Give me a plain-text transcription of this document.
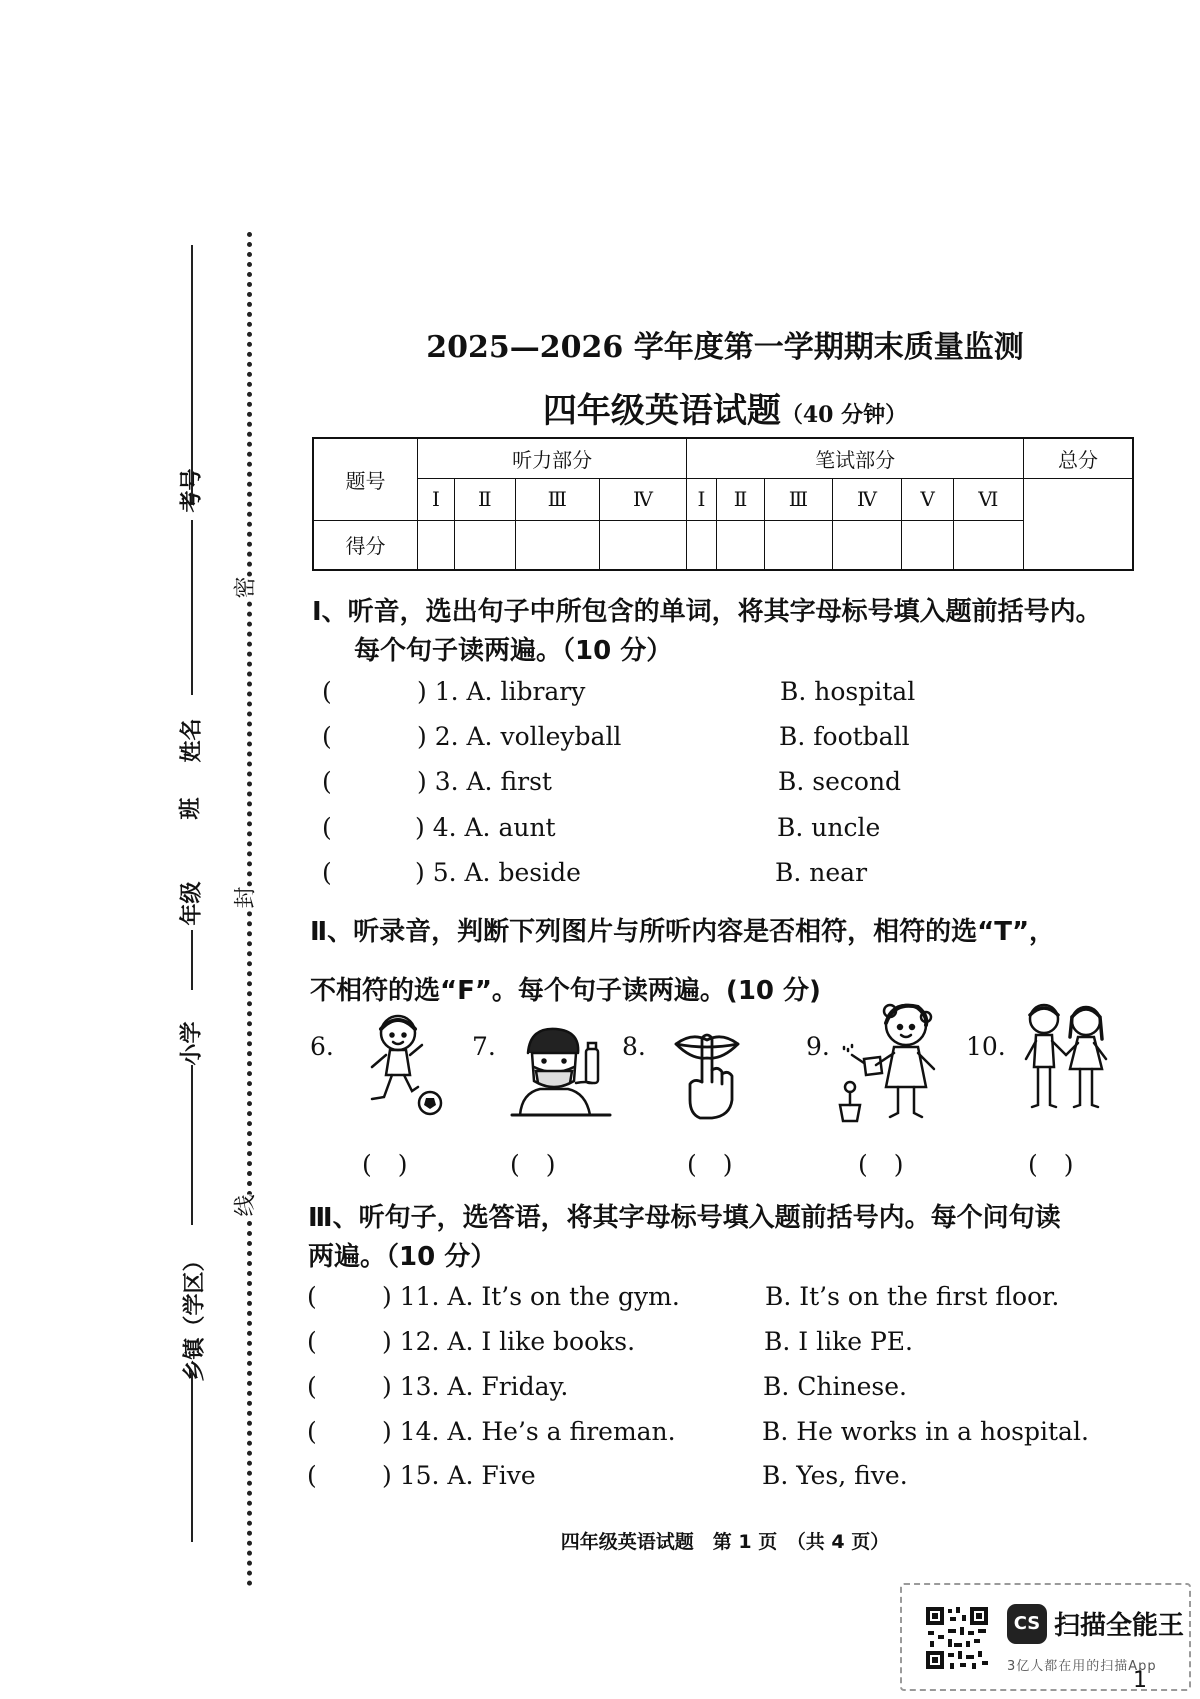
考号
姓名
班
年级
小学
乡镇（学区）
密
封
线
2025—2026 学年度第一学期期末质量监测
四年级英语试题（40 分钟）
题号	听力部分				笔试部分						总分
	Ⅰ	Ⅱ	Ⅲ	Ⅳ	Ⅰ	Ⅱ	Ⅲ	Ⅳ	Ⅴ	Ⅵ	
得分											
Ⅰ、听音，选出句子中所包含的单词，将其字母标号填入题前括号内。
每个句子读两遍。（10 分）
(	) 1. A. library	B. hospital
(	) 2. A. volleyball	B. football
(	) 3. A. first	B. second
(	) 4. A. aunt	B. uncle
(	) 5. A. beside	B. near
Ⅱ、听录音，判断下列图片与所听内容是否相符，相符的选“T”，
不相符的选“F”。每个句子读两遍。(10 分)
6.
( )
7.
( )
8.
( )
9.
( )
10.
( )
Ⅲ、听句子，选答语，将其字母标号填入题前括号内。每个问句读
两遍。（10 分）
(	) 11. A. It’s on the gym.	B. It’s on the first floor.
(	) 12. A. I like books.	B. I like PE.
(	) 13. A. Friday.	B. Chinese.
(	) 14. A. He’s a fireman.	B. He works in a hospital.
(	) 15. A. Five	B. Yes, five.
四年级英语试题　第 1 页　（共 4 页）
CS 扫描全能王
3亿人都在用的扫描App
1
